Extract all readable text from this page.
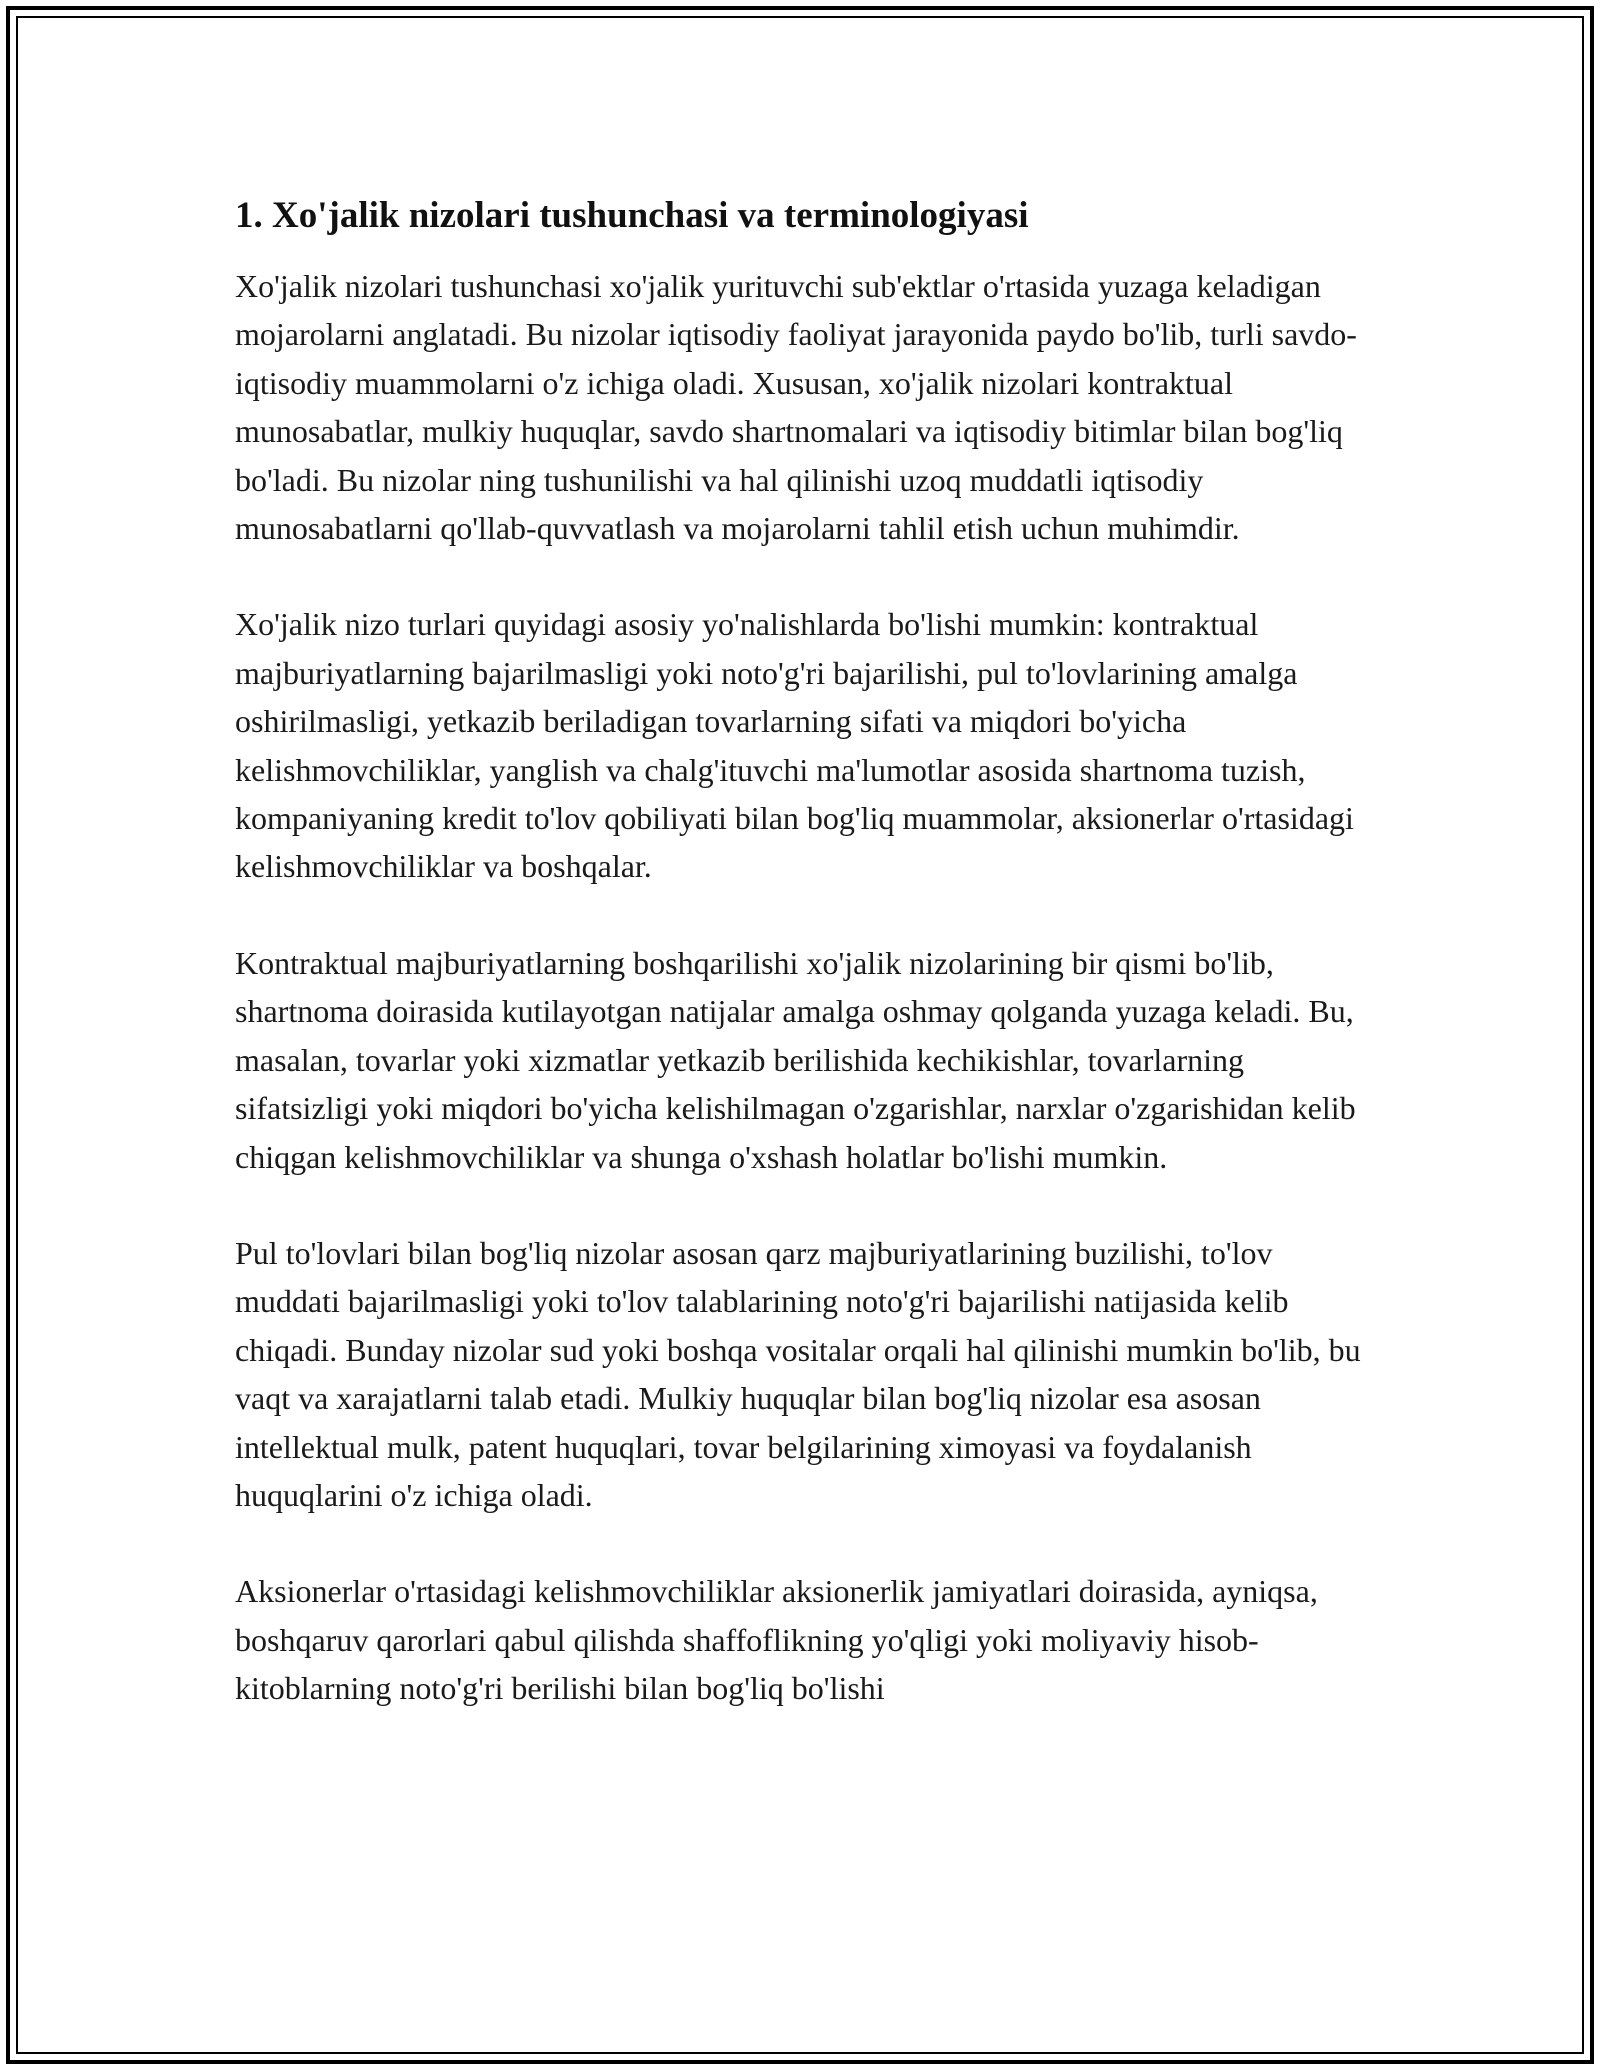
1. Xo'jalik nizolari tushunchasi va terminologiyasi

Xo'jalik nizolari tushunchasi xo'jalik yurituvchi sub'ektlar o'rtasida yuzaga keladigan mojarolarni anglatadi. Bu nizolar iqtisodiy faoliyat jarayonida paydo bo'lib, turli savdo-iqtisodiy muammolarni o'z ichiga oladi. Xususan, xo'jalik nizolari kontraktual munosabatlar, mulkiy huquqlar, savdo shartnomalari va iqtisodiy bitimlar bilan bog'liq bo'ladi. Bu nizolar ning tushunilishi va hal qilinishi uzoq muddatli iqtisodiy munosabatlarni qo'llab-quvvatlash va mojarolarni tahlil etish uchun muhimdir.

Xo'jalik nizo turlari quyidagi asosiy yo'nalishlarda bo'lishi mumkin: kontraktual majburiyatlarning bajarilmasligi yoki noto'g'ri bajarilishi, pul to'lovlarining amalga oshirilmasligi, yetkazib beriladigan tovarlarning sifati va miqdori bo'yicha kelishmovchiliklar, yanglish va chalg'ituvchi ma'lumotlar asosida shartnoma tuzish, kompaniyaning kredit to'lov qobiliyati bilan bog'liq muammolar, aksionerlar o'rtasidagi kelishmovchiliklar va boshqalar.

Kontraktual majburiyatlarning boshqarilishi xo'jalik nizolarining bir qismi bo'lib, shartnoma doirasida kutilayotgan natijalar amalga oshmay qolganda yuzaga keladi. Bu, masalan, tovarlar yoki xizmatlar yetkazib berilishida kechikishlar, tovarlarning sifatsizligi yoki miqdori bo'yicha kelishilmagan o'zgarishlar, narxlar o'zgarishidan kelib chiqgan kelishmovchiliklar va shunga o'xshash holatlar bo'lishi mumkin.

Pul to'lovlari bilan bog'liq nizolar asosan qarz majburiyatlarining buzilishi, to'lov muddati bajarilmasligi yoki to'lov talablarining noto'g'ri bajarilishi natijasida kelib chiqadi. Bunday nizolar sud yoki boshqa vositalar orqali hal qilinishi mumkin bo'lib, bu vaqt va xarajatlarni talab etadi. Mulkiy huquqlar bilan bog'liq nizolar esa asosan intellektual mulk, patent huquqlari, tovar belgilarining ximoyasi va foydalanish huquqlarini o'z ichiga oladi.

Aksionerlar o'rtasidagi kelishmovchiliklar aksionerlik jamiyatlari doirasida, ayniqsa, boshqaruv qarorlari qabul qilishda shaffoflikning yo'qligi yoki moliyaviy hisob-kitoblarning noto'g'ri berilishi bilan bog'liq bo'lishi
